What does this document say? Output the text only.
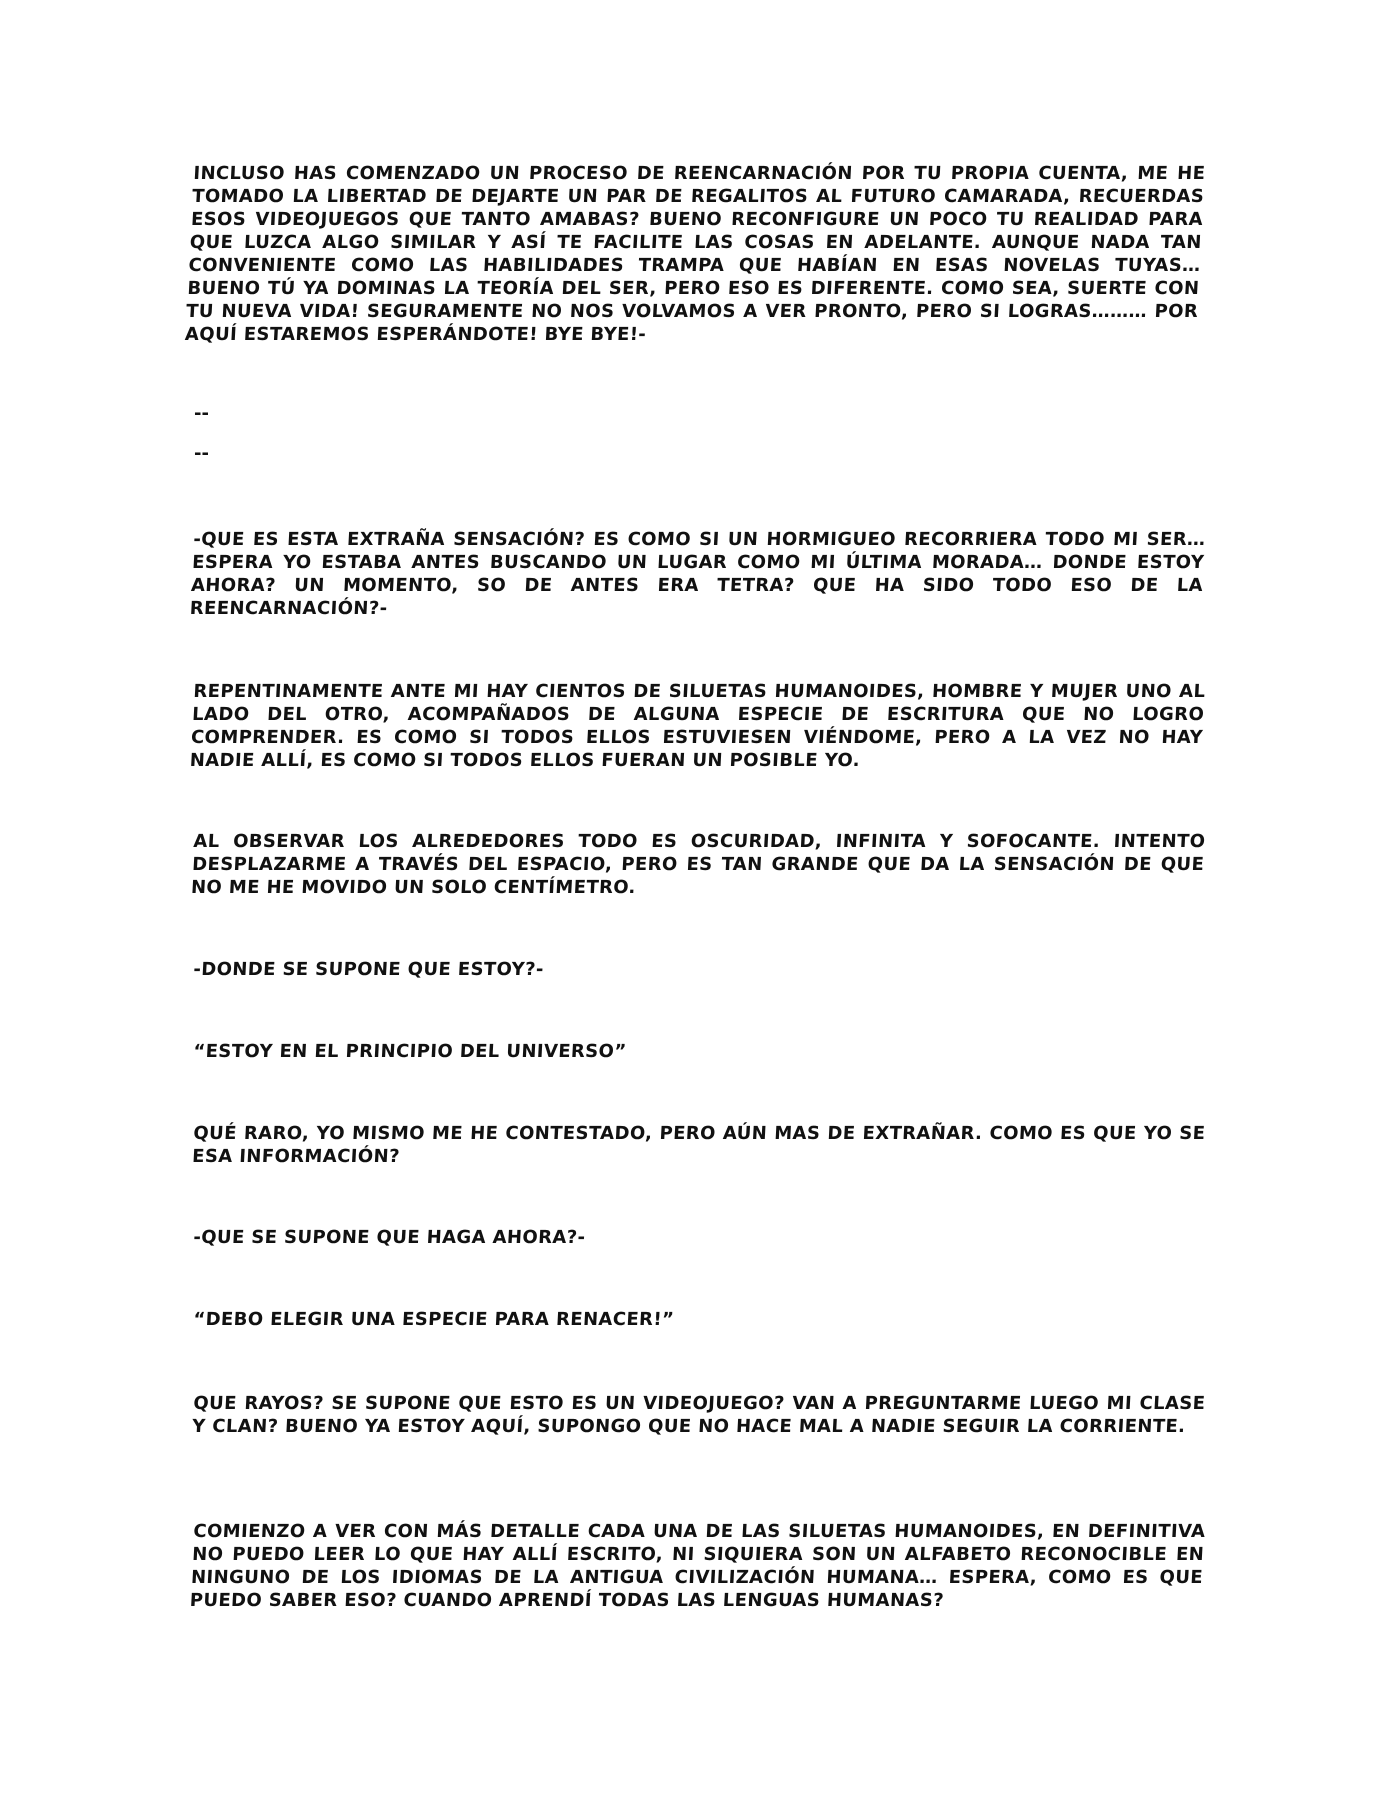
INCLUSO HAS COMENZADO UN PROCESO DE REENCARNACIÓN POR TU PROPIA CUENTA, ME HE TOMADO LA LIBERTAD DE DEJARTE UN PAR DE REGALITOS AL FUTURO CAMARADA, RECUERDAS ESOS VIDEOJUEGOS QUE TANTO AMABAS? BUENO RECONFIGURE UN POCO TU REALIDAD PARA QUE LUZCA ALGO SIMILAR Y ASÍ TE FACILITE LAS COSAS EN ADELANTE. AUNQUE NADA TAN CONVENIENTE COMO LAS HABILIDADES TRAMPA QUE HABÍAN EN ESAS NOVELAS TUYAS… BUENO TÚ YA DOMINAS LA TEORÍA DEL SER, PERO ESO ES DIFERENTE. COMO SEA, SUERTE CON TU NUEVA VIDA! SEGURAMENTE NO NOS VOLVAMOS A VER PRONTO, PERO SI LOGRAS……… POR AQUÍ ESTAREMOS ESPERÁNDOTE! BYE BYE!-

--

--

-QUE ES ESTA EXTRAÑA SENSACIÓN? ES COMO SI UN HORMIGUEO RECORRIERA TODO MI SER… ESPERA YO ESTABA ANTES BUSCANDO UN LUGAR COMO MI ÚLTIMA MORADA… DONDE ESTOY AHORA? UN MOMENTO, SO DE ANTES ERA TETRA? QUE HA SIDO TODO ESO DE LA REENCARNACIÓN?-

REPENTINAMENTE ANTE MI HAY CIENTOS DE SILUETAS HUMANOIDES, HOMBRE Y MUJER UNO AL LADO DEL OTRO, ACOMPAÑADOS DE ALGUNA ESPECIE DE ESCRITURA QUE NO LOGRO COMPRENDER. ES COMO SI TODOS ELLOS ESTUVIESEN VIÉNDOME, PERO A LA VEZ NO HAY NADIE ALLÍ, ES COMO SI TODOS ELLOS FUERAN UN POSIBLE YO.

AL OBSERVAR LOS ALREDEDORES TODO ES OSCURIDAD, INFINITA Y SOFOCANTE. INTENTO DESPLAZARME A TRAVÉS DEL ESPACIO, PERO ES TAN GRANDE QUE DA LA SENSACIÓN DE QUE NO ME HE MOVIDO UN SOLO CENTÍMETRO.

-DONDE SE SUPONE QUE ESTOY?-

“ESTOY EN EL PRINCIPIO DEL UNIVERSO”

QUÉ RARO, YO MISMO ME HE CONTESTADO, PERO AÚN MAS DE EXTRAÑAR. COMO ES QUE YO SE ESA INFORMACIÓN?

-QUE SE SUPONE QUE HAGA AHORA?-

“DEBO ELEGIR UNA ESPECIE PARA RENACER!”

QUE RAYOS? SE SUPONE QUE ESTO ES UN VIDEOJUEGO? VAN A PREGUNTARME LUEGO MI CLASE Y CLAN? BUENO YA ESTOY AQUÍ, SUPONGO QUE NO HACE MAL A NADIE SEGUIR LA CORRIENTE.

COMIENZO A VER CON MÁS DETALLE CADA UNA DE LAS SILUETAS HUMANOIDES, EN DEFINITIVA NO PUEDO LEER LO QUE HAY ALLÍ ESCRITO, NI SIQUIERA SON UN ALFABETO RECONOCIBLE EN NINGUNO DE LOS IDIOMAS DE LA ANTIGUA CIVILIZACIÓN HUMANA… ESPERA, COMO ES QUE PUEDO SABER ESO? CUANDO APRENDÍ TODAS LAS LENGUAS HUMANAS?
